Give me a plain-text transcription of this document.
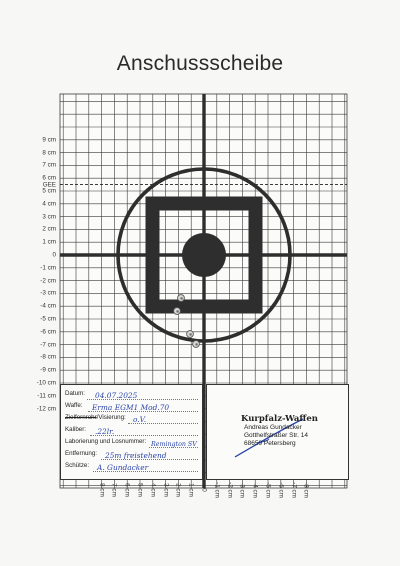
Anschussscheibe
9 cm
8 cm
7 cm
6 cm
5 cm
4 cm
GEE
3 cm
2 cm
1 cm
0
-1 cm
-2 cm
-3 cm
-4 cm
-5 cm
-6 cm
-7 cm
-8 cm
-9 cm
-10 cm
-11 cm
-12 cm
8 cm 7 cm 6 cm 5 cm 4 cm 3 cm 2 cm 1 cm 0 -1 cm -2 cm -3 cm -4 cm -5 cm -6 cm -7 cm -8 cm
Datum: 04.07.2025
Waffe: Erma EGM1 Mod.70
Zielfernrohr/Visierung: o.V.
Kaliber: .22lr.
Laborierung und Losnummer: Remington SV
Entfernung: 25m freistehend
Schütze: A. Gundacker
Kurpfalz-Waffen
Andreas Gundacker
Gotthelfstraßer Str. 14
68659 Petersberg
